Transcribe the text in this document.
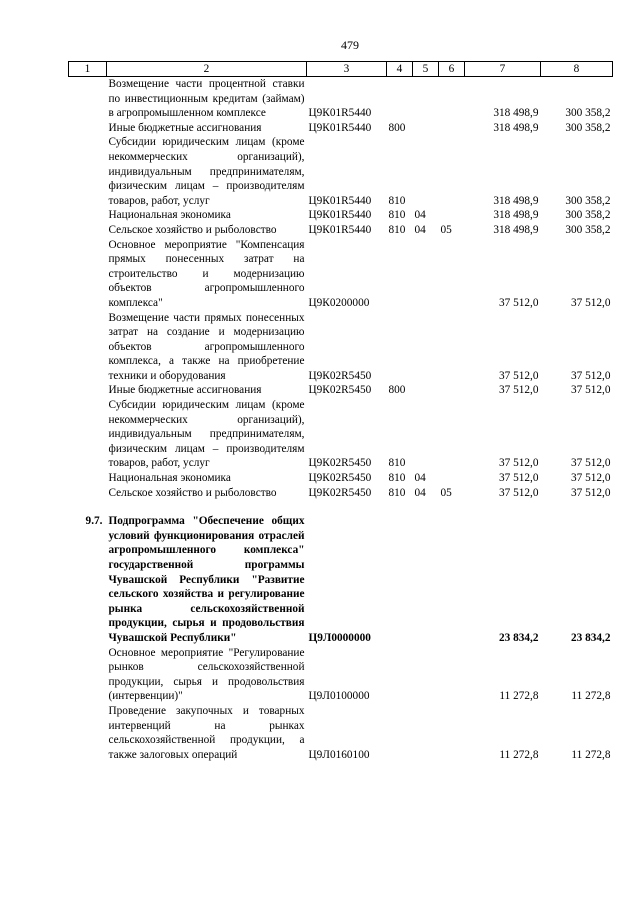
479
1	2	3	4	5	6	7	8
	Возмещение части процентной ставки по инвестиционным кредитам (займам) в агропромышленном комплексе	Ц9К01R5440				318 498,9	300 358,2
	Иные бюджетные ассигнования	Ц9К01R5440	800			318 498,9	300 358,2
	Субсидии юридическим лицам (кроме некоммерческих организаций), индивидуальным предпринимателям, физическим лицам – производителям товаров, работ, услуг	Ц9К01R5440	810			318 498,9	300 358,2
	Национальная экономика	Ц9К01R5440	810	04		318 498,9	300 358,2
	Сельское хозяйство и рыболовство	Ц9К01R5440	810	04	05	318 498,9	300 358,2
	Основное мероприятие "Компенсация прямых понесенных затрат на строительство и модернизацию объектов агропромышленного комплекса"	Ц9К0200000				37 512,0	37 512,0
	Возмещение части прямых понесенных затрат на создание и модернизацию объектов агропромышленного комплекса, а также на приобретение техники и оборудования	Ц9К02R5450				37 512,0	37 512,0
	Иные бюджетные ассигнования	Ц9К02R5450	800			37 512,0	37 512,0
	Субсидии юридическим лицам (кроме некоммерческих организаций), индивидуальным предпринимателям, физическим лицам – производителям товаров, работ, услуг	Ц9К02R5450	810			37 512,0	37 512,0
	Национальная экономика	Ц9К02R5450	810	04		37 512,0	37 512,0
	Сельское хозяйство и рыболовство	Ц9К02R5450	810	04	05	37 512,0	37 512,0

9.7.	Подпрограмма "Обеспечение общих условий функционирования отраслей агропромышленного комплекса" государственной программы Чувашской Республики "Развитие сельского хозяйства и регулирование рынка сельскохозяйственной продукции, сырья и продовольствия Чувашской Республики"	Ц9Л0000000				23 834,2	23 834,2
	Основное мероприятие "Регулирование рынков сельскохозяйственной продукции, сырья и продовольствия (интервенции)"	Ц9Л0100000				11 272,8	11 272,8
	Проведение закупочных и товарных интервенций на рынках сельскохозяйственной продукции, а также залоговых операций	Ц9Л0160100				11 272,8	11 272,8
